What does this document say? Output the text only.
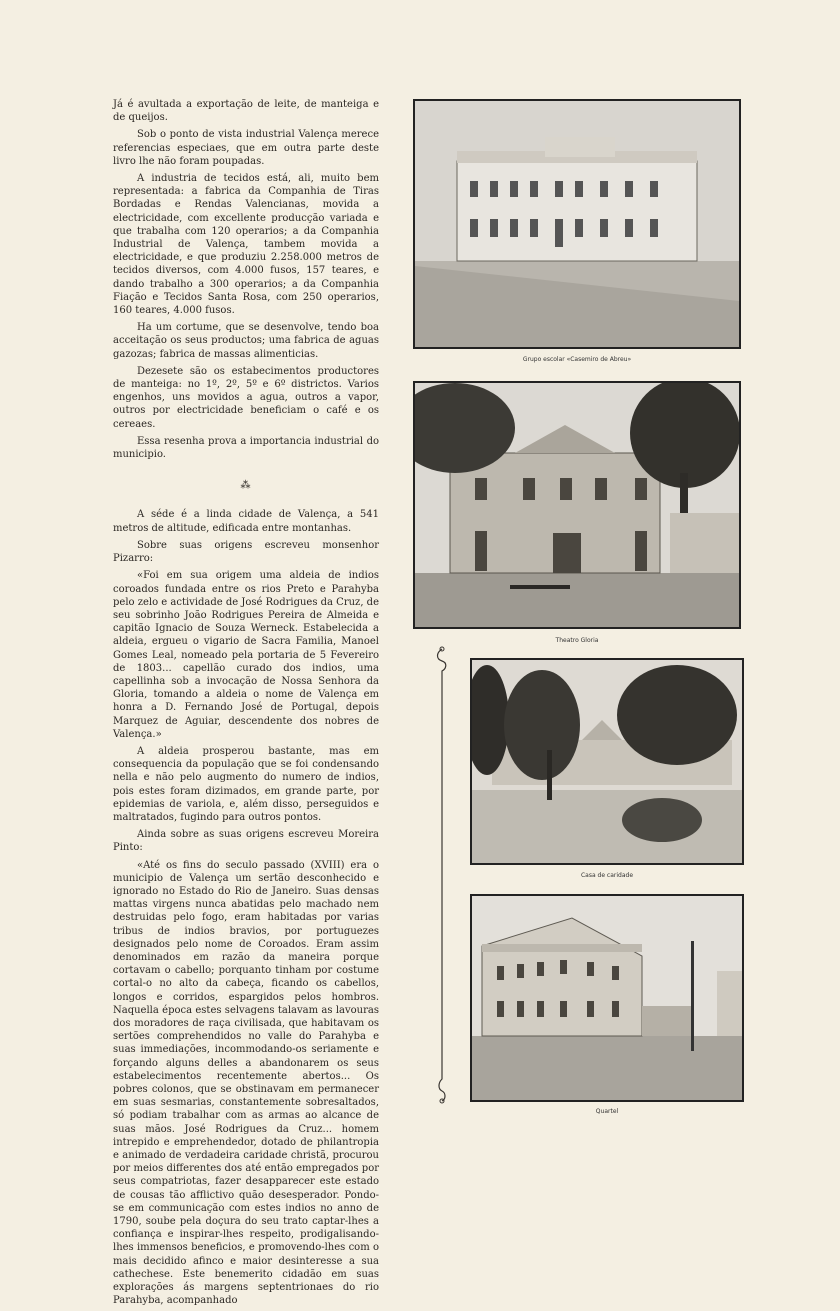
Já é avultada a exportação de leite, de manteiga e de queijos.

Sob o ponto de vista industrial Valença merece referencias especiaes, que em outra parte deste livro lhe não foram poupadas.

A industria de tecidos está, ali, muito bem representada: a fabrica da Companhia de Tiras Bordadas e Rendas Valencianas, movida a electricidade, com excellente producção variada e que trabalha com 120 operarios; a da Companhia Industrial de Valença, tambem movida a electricidade, e que produziu 2.258.000 metros de tecidos diversos, com 4.000 fusos, 157 teares, e dando trabalho a 300 operarios; a da Companhia Fiação e Tecidos Santa Rosa, com 250 operarios, 160 teares, 4.000 fusos.

Ha um cortume, que se desenvolve, tendo boa acceitação os seus productos; uma fabrica de aguas gazozas; fabrica de massas alimenticias.

Dezesete são os estabecimentos productores de manteiga: no 1º, 2º, 5º e 6º districtos. Varios engenhos, uns movidos a agua, outros a vapor, outros por electricidade beneficiam o café e os cereaes.

Essa resenha prova a importancia industrial do municipio.

⁂

A séde é a linda cidade de Valença, a 541 metros de altitude, edificada entre montanhas.

Sobre suas origens escreveu monsenhor Pizarro:

«Foi em sua origem uma aldeia de indios coroados fundada entre os rios Preto e Parahyba pelo zelo e actividade de José Rodrigues da Cruz, de seu sobrinho João Rodrigues Pereira de Almeida e capitão Ignacio de Souza Werneck. Estabelecida a aldeia, ergueu o vigario de Sacra Familia, Manoel Gomes Leal, nomeado pela portaria de 5 Fevereiro de 1803... capellão curado dos indios, uma capellinha sob a invocação de Nossa Senhora da Gloria, tomando a aldeia o nome de Valença em honra a D. Fernando José de Portugal, depois Marquez de Aguiar, descendente dos nobres de Valença.»

A aldeia prosperou bastante, mas em consequencia da população que se foi condensando nella e não pelo augmento do numero de indios, pois estes foram dizimados, em grande parte, por epidemias de variola, e, além disso, perseguidos e maltratados, fugindo para outros pontos.

Ainda sobre as suas origens escreveu Moreira Pinto:

«Até os fins do seculo passado (XVIII) era o municipio de Valença um sertão desconhecido e ignorado no Estado do Rio de Janeiro. Suas densas mattas virgens nunca abatidas pelo machado nem destruidas pelo fogo, eram habitadas por varias tribus de indios bravios, por portuguezes designados pelo nome de Coroados. Eram assim denominados em razão da maneira porque cortavam o cabello; porquanto tinham por costume cortal-o no alto da cabeça, ficando os cabellos, longos e corridos, espargidos pelos hombros. Naquella época estes selvagens talavam as lavouras dos moradores de raça civilisada, que habitavam os sertões comprehendidos no valle do Parahyba e suas immediações, incommodando-os seriamente e forçando alguns delles a abandonarem os seus estabelecimentos recentemente abertos... Os pobres colonos, que se obstinavam em permanecer em suas sesmarias, constantemente sobresaltados, só podiam trabalhar com as armas ao alcance de suas mãos. José Rodrigues da Cruz... homem intrepido e emprehendedor, dotado de philantropia e animado de verdadeira caridade christã, procurou por meios differentes dos até então empregados por seus compatriotas, fazer desapparecer este estado de cousas tão afflictivo quão desesperador. Pondo-se em communicação com estes indios no anno de 1790, soube pela doçura do seu trato captar-lhes a confiança e inspirar-lhes respeito, prodigalisando-lhes immensos beneficios, e promovendo-lhes com o mais decidido afinco e maior desinteresse a sua cathechese. Este benemerito cidadão em suas explorações ás margens septentrionaes do rio Parahyba, acompanhado

Grupo escolar «Casemiro de Abreu»
Theatro Gloria
Casa de caridade
Quartel
